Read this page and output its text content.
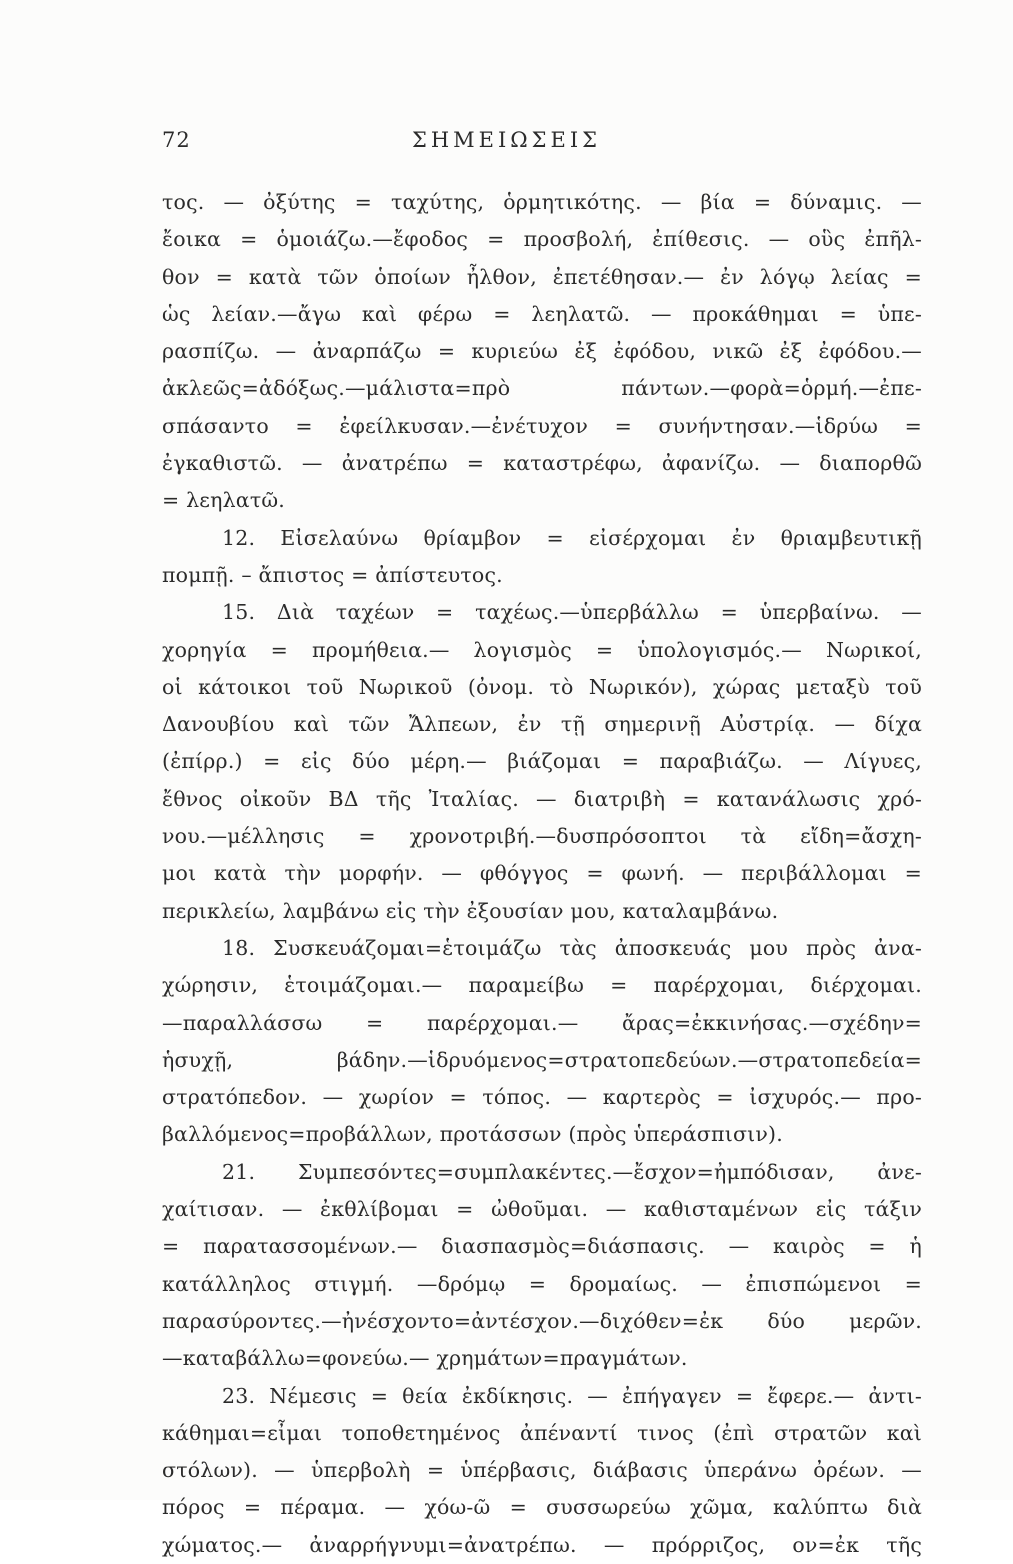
72	ΣΗΜΕΙΩΣΕΙΣ
τος. — ὀξύτης = ταχύτης, ὁρμητικότης. — βία = δύναμις. —
ἔοικα = ὁμοιάζω.—ἔφοδος = προσβολή, ἐπίθεσις. — οὓς ἐπῆλ-
θον = κατὰ τῶν ὁποίων ἦλθον, ἐπετέθησαν.— ἐν λόγῳ λείας =
ὡς λείαν.—ἄγω καὶ φέρω = λεηλατῶ. — προκάθημαι = ὑπε-
ρασπίζω. — ἀναρπάζω = κυριεύω ἐξ ἐφόδου, νικῶ ἐξ ἐφόδου.—
ἀκλεῶς=ἀδόξως.—μάλιστα=πρὸ πάντων.—φορὰ=ὁρμή.—ἐπε-
σπάσαντο = ἐφείλκυσαν.—ἐνέτυχον = συνήντησαν.—ἱδρύω =
ἐγκαθιστῶ. — ἀνατρέπω = καταστρέφω, ἀφανίζω. — διαπορθῶ
= λεηλατῶ.
12. Εἰσελαύνω θρίαμβον = εἰσέρχομαι ἐν θριαμβευτικῇ
πομπῇ. – ἄπιστος = ἀπίστευτος.
15. Διὰ ταχέων = ταχέως.—ὑπερβάλλω = ὑπερβαίνω. —
χορηγία = προμήθεια.— λογισμὸς = ὑπολογισμός.— Νωρικοί,
οἱ κάτοικοι τοῦ Νωρικοῦ (ὀνομ. τὸ Νωρικόν), χώρας μεταξὺ τοῦ
Δανουβίου καὶ τῶν Ἄλπεων, ἐν τῇ σημερινῇ Αὐστρίᾳ. — δίχα
(ἐπίρρ.) = εἰς δύο μέρη.— βιάζομαι = παραβιάζω. — Λίγυες,
ἔθνος οἰκοῦν ΒΔ τῆς Ἰταλίας. — διατριβὴ = κατανάλωσις χρό-
νου.—μέλλησις = χρονοτριβή.—δυσπρόσοπτοι τὰ εἴδη=ἄσχη-
μοι κατὰ τὴν μορφήν. — φθόγγος = φωνή. — περιβάλλομαι =
περικλείω, λαμβάνω εἰς τὴν ἐξουσίαν μου, καταλαμβάνω.
18. Συσκευάζομαι=ἑτοιμάζω τὰς ἀποσκευάς μου πρὸς ἀνα-
χώρησιν, ἑτοιμάζομαι.— παραμείβω = παρέρχομαι, διέρχομαι.
—παραλλάσσω = παρέρχομαι.— ἄρας=ἐκκινήσας.—σχέδην=
ἡσυχῇ, βάδην.—ἱδρυόμενος=στρατοπεδεύων.—στρατοπεδεία=
στρατόπεδον. — χωρίον = τόπος. — καρτερὸς = ἰσχυρός.— προ-
βαλλόμενος=προβάλλων, προτάσσων (πρὸς ὑπεράσπισιν).
21. Συμπεσόντες=συμπλακέντες.—ἔσχον=ἠμπόδισαν, ἀνε-
χαίτισαν. — ἐκθλίβομαι = ὠθοῦμαι. — καθισταμένων εἰς τάξιν
= παρατασσομένων.— διασπασμὸς=διάσπασις. — καιρὸς = ἡ
κατάλληλος στιγμή. —δρόμῳ = δρομαίως. — ἐπισπώμενοι =
παρασύροντες.—ἠνέσχοντο=ἀντέσχον.—διχόθεν=ἐκ δύο μερῶν.
—καταβάλλω=φονεύω.— χρημάτων=πραγμάτων.
23. Νέμεσις = θεία ἐκδίκησις. — ἐπήγαγεν = ἔφερε.— ἀντι-
κάθημαι=εἶμαι τοποθετημένος ἀπέναντί τινος (ἐπὶ στρατῶν καὶ
στόλων). — ὑπερβολὴ = ὑπέρβασις, διάβασις ὑπεράνω ὀρέων. —
πόρος = πέραμα. — χόω-ῶ = συσσωρεύω χῶμα, καλύπτω διὰ
χώματος.— ἀναρρήγνυμι=ἀνατρέπω. — πρόρριζος, ον=ἐκ τῆς
